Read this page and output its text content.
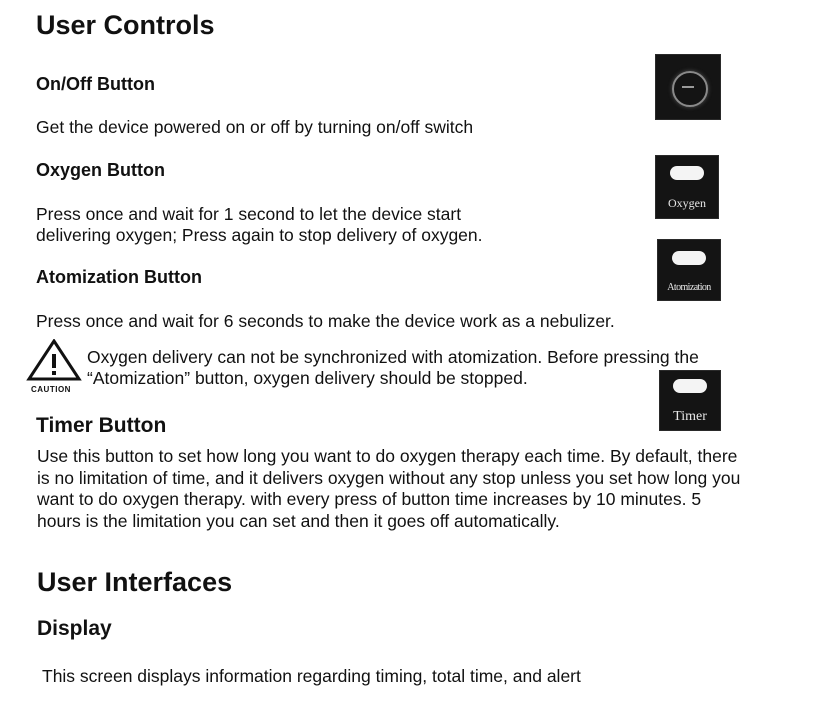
User Controls
On/Off Button
Get the device powered on or off by turning on/off switch
Oxygen Button
Press once and wait for 1 second to let the device start
delivering oxygen; Press again to stop delivery of oxygen.
Oxygen
Atomization Button
Press once and wait for 6 seconds to make the device work as a nebulizer.
Atomization
CAUTION
Oxygen delivery can not be synchronized with atomization. Before pressing the
“Atomization” button, oxygen delivery should be stopped.
Timer
Timer Button
Use this button to set how long you want to do oxygen therapy each time. By default, there is no limitation of time, and it delivers oxygen without any stop unless you set how long you want to do oxygen therapy. with every press of button time increases by 10 minutes. 5 hours is the limitation you can set and then it goes off automatically.
User Interfaces
Display
This screen displays information regarding timing, total time, and alert
